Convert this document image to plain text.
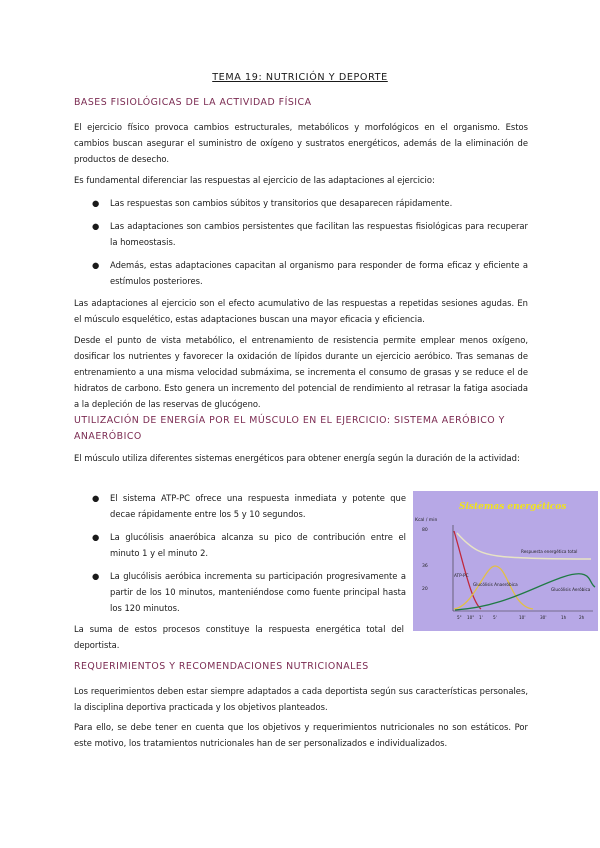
TEMA 19: NUTRICIÓN Y DEPORTE
BASES FISIOLÓGICAS DE LA ACTIVIDAD FÍSICA

El ejercicio físico provoca cambios estructurales, metabólicos y morfológicos en el organismo. Estos cambios buscan asegurar el suministro de oxígeno y sustratos energéticos, además de la eliminación de productos de desecho.

Es fundamental diferenciar las respuestas al ejercicio de las adaptaciones al ejercicio:

●	Las respuestas son cambios súbitos y transitorios que desaparecen rápidamente.
●	Las adaptaciones son cambios persistentes que facilitan las respuestas fisiológicas para recuperar la homeostasis.
●	Además, estas adaptaciones capacitan al organismo para responder de forma eficaz y eficiente a estímulos posteriores.

Las adaptaciones al ejercicio son el efecto acumulativo de las respuestas a repetidas sesiones agudas. En el músculo esquelético, estas adaptaciones buscan una mayor eficacia y eficiencia.

Desde el punto de vista metabólico, el entrenamiento de resistencia permite emplear menos oxígeno, dosificar los nutrientes y favorecer la oxidación de lípidos durante un ejercicio aeróbico. Tras semanas de entrenamiento a una misma velocidad submáxima, se incrementa el consumo de grasas y se reduce el de hidratos de carbono. Esto genera un incremento del potencial de rendimiento al retrasar la fatiga asociada a la depleción de las reservas de glucógeno.

UTILIZACIÓN DE ENERGÍA POR EL MÚSCULO EN EL EJERCICIO: SISTEMA AERÓBICO Y ANAERÓBICO

El músculo utiliza diferentes sistemas energéticos para obtener energía según la duración de la actividad:

●	El sistema ATP-PC ofrece una respuesta inmediata y potente que decae rápidamente entre los 5 y 10 segundos.
●	La glucólisis anaeróbica alcanza su pico de contribución entre el minuto 1 y el minuto 2.
●	La glucólisis aeróbica incrementa su participación progresivamente a partir de los 10 minutos, manteniéndose como fuente principal hasta los 120 minutos.

La suma de estos procesos constituye la respuesta energética total del deportista.

Sistemas energéticos
Kcal / min
80
36
20
Respuesta energética total
ATP-PC
Glucólisis Anaeróbica
Glucólisis Aeróbica
5" 10" 1' 5'	10'	30'	1h	2h
REQUERIMIENTOS Y RECOMENDACIONES NUTRICIONALES

Los requerimientos deben estar siempre adaptados a cada deportista según sus características personales, la disciplina deportiva practicada y los objetivos planteados.

Para ello, se debe tener en cuenta que los objetivos y requerimientos nutricionales no son estáticos. Por este motivo, los tratamientos nutricionales han de ser personalizados e individualizados.
